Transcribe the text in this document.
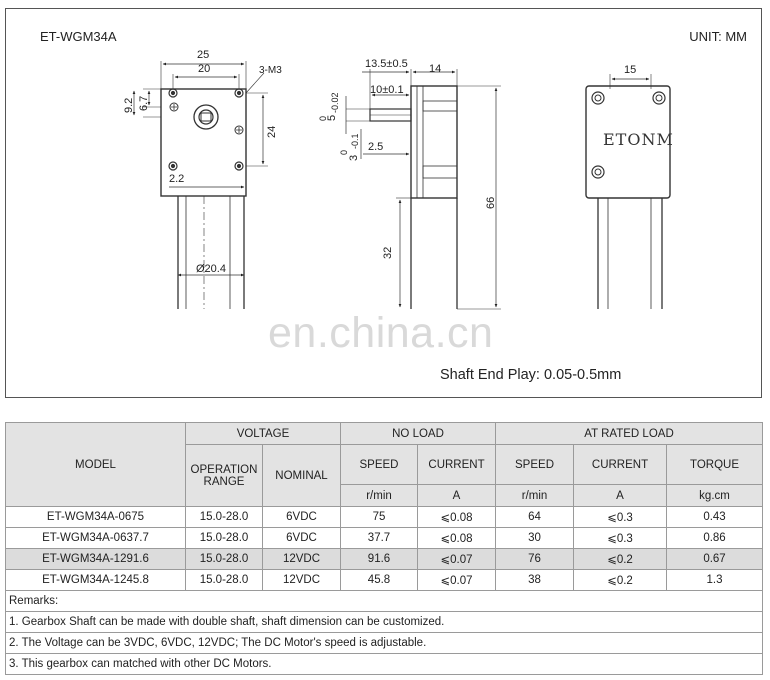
25
20	3-M3
9.2 6.7
24
2.2
Ø20.4
13.5±0.5 14
10±0.1
5
0
-0.02
3
0
-0.1 2.5
66
32
15
ETONM
ET-WGM34A	UNIT: MM
en.china.cn
Shaft End Play: 0.05-0.5mm
MODEL	VOLTAGE		NO LOAD		AT RATED LOAD		
	OPERATION RANGE	NOMINAL	SPEED	CURRENT	SPEED	CURRENT	TORQUE
			r/min	A	r/min	A	kg.cm
ET-WGM34A-0675	15.0-28.0	6VDC	75	⩽0.08	64	⩽0.3	0.43
ET-WGM34A-0637.7	15.0-28.0	6VDC	37.7	⩽0.08	30	⩽0.3	0.86
ET-WGM34A-1291.6	15.0-28.0	12VDC	91.6	⩽0.07	76	⩽0.2	0.67
ET-WGM34A-1245.8	15.0-28.0	12VDC	45.8	⩽0.07	38	⩽0.2	1.3
Remarks:							
1. Gearbox Shaft can be made with double shaft, shaft dimension can be customized.							
2. The Voltage can be 3VDC, 6VDC, 12VDC; The DC Motor's speed is adjustable.							
3. This gearbox can matched with other DC Motors.							
